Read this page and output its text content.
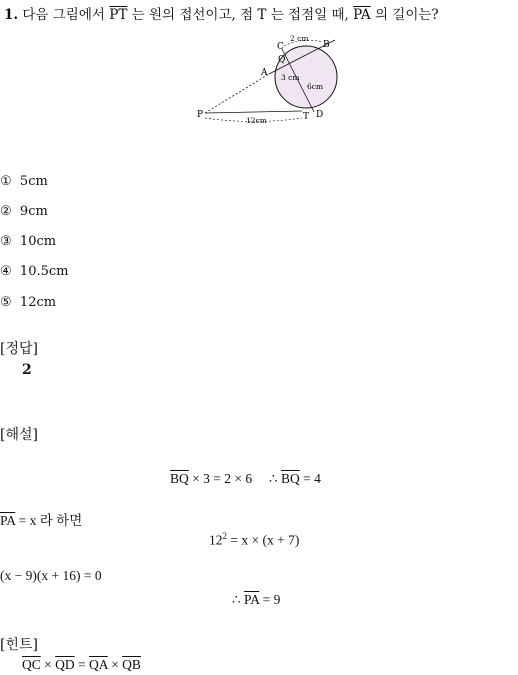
1. 다음 그림에서 $\overline{PT}$ 는 원의 접선이고, 점 T 는 접점일 때, $\overline{PA}$ 의 길이는?
C	B
Q
A
P	T D
2 cm
3 cm
6cm
12cm
① 5cm
② 9cm
③ 10cm
④ 10.5cm
⑤ 12cm
[정답]
2
[해설]
$\overline{BQ} \times 3 = 2 \times 6$ ∴ $\overline{BQ} = 4$
$\overline{PA} = x$ 라 하면
$12^2 = x \times (x + 7)$
(x − 9)(x + 16) = 0
∴ $\overline{PA} = 9$
[힌트]
$\overline{QC} \times \overline{QD} = \overline{QA} \times \overline{QB}$
